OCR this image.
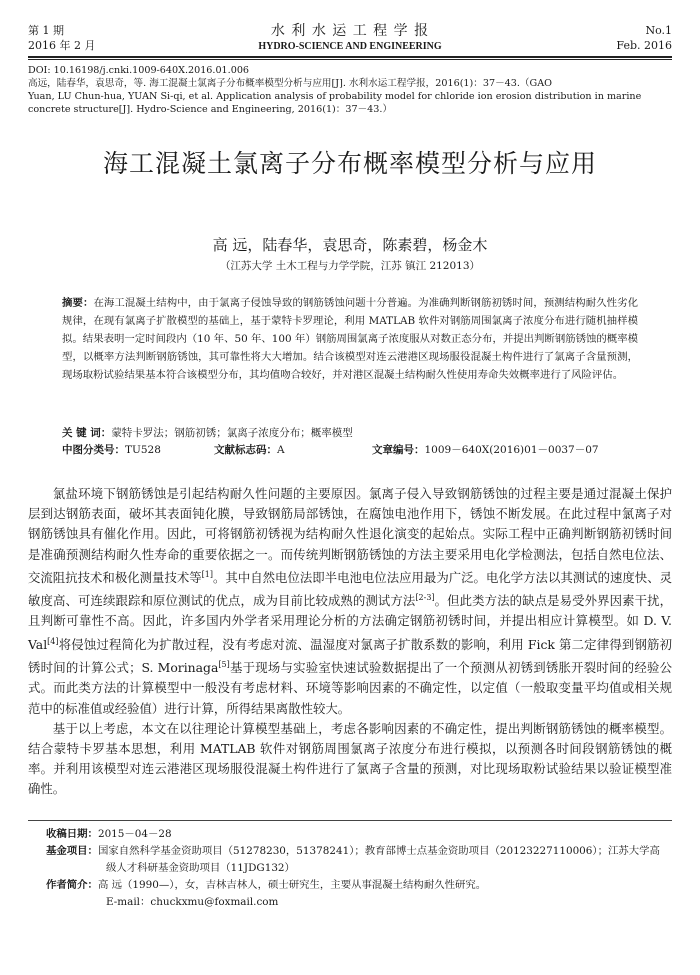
第 1 期
2016 年 2 月
水 利 水 运 工 程 学 报
HYDRO-SCIENCE AND ENGINEERING
No.1
Feb. 2016
DOI: 10.16198/j.cnki.1009-640X.2016.01.006
高远，陆春华，袁思奇，等. 海工混凝土氯离子分布概率模型分析与应用[J]. 水利水运工程学报，2016(1)：37－43.（GAO
Yuan, LU Chun-hua, YUAN Si-qi, et al. Application analysis of probability model for chloride ion erosion distribution in marine
concrete structure[J]. Hydro-Science and Engineering, 2016(1)：37－43.）
海工混凝土氯离子分布概率模型分析与应用
高 远，陆春华，袁思奇，陈素碧，杨金木
（江苏大学 土木工程与力学学院，江苏 镇江 212013）
摘要：在海工混凝土结构中，由于氯离子侵蚀导致的钢筋锈蚀问题十分普遍。为准确判断钢筋初锈时间，预测结构耐久性劣化规律，在现有氯离子扩散模型的基础上，基于蒙特卡罗理论，利用 MATLAB 软件对钢筋周围氯离子浓度分布进行随机抽样模拟。结果表明一定时间段内（10 年、50 年、100 年）钢筋周围氯离子浓度服从对数正态分布，并提出判断钢筋锈蚀的概率模型，以概率方法判断钢筋锈蚀，其可靠性将大大增加。结合该模型对连云港港区现场服役混凝土构件进行了氯离子含量预测，现场取粉试验结果基本符合该模型分布，其均值吻合较好，并对港区混凝土结构耐久性使用寿命失效概率进行了风险评估。
关 键 词：蒙特卡罗法；钢筋初锈；氯离子浓度分布；概率模型
中图分类号：TU528	文献标志码：A	文章编号：1009－640X(2016)01－0037－07

氯盐环境下钢筋锈蚀是引起结构耐久性问题的主要原因。氯离子侵入导致钢筋锈蚀的过程主要是通过混凝土保护层到达钢筋表面，破坏其表面钝化膜，导致钢筋局部锈蚀，在腐蚀电池作用下，锈蚀不断发展。在此过程中氯离子对钢筋锈蚀具有催化作用。因此，可将钢筋初锈视为结构耐久性退化演变的起始点。实际工程中正确判断钢筋初锈时间是准确预测结构耐久性寿命的重要依据之一。而传统判断钢筋锈蚀的方法主要采用电化学检测法，包括自然电位法、交流阻抗技术和极化测量技术等[1]。其中自然电位法即半电池电位法应用最为广泛。电化学方法以其测试的速度快、灵敏度高、可连续跟踪和原位测试的优点，成为目前比较成熟的测试方法[2-3]。但此类方法的缺点是易受外界因素干扰，且判断可靠性不高。因此，许多国内外学者采用理论分析的方法确定钢筋初锈时间，并提出相应计算模型。如 D. V. Val[4]将侵蚀过程简化为扩散过程，没有考虑对流、温湿度对氯离子扩散系数的影响，利用 Fick 第二定律得到钢筋初锈时间的计算公式；S. Morinaga[5]基于现场与实验室快速试验数据提出了一个预测从初锈到锈胀开裂时间的经验公式。而此类方法的计算模型中一般没有考虑材料、环境等影响因素的不确定性，以定值（一般取变量平均值或相关规范中的标准值或经验值）进行计算，所得结果离散性较大。

基于以上考虑，本文在以往理论计算模型基础上，考虑各影响因素的不确定性，提出判断钢筋锈蚀的概率模型。结合蒙特卡罗基本思想，利用 MATLAB 软件对钢筋周围氯离子浓度分布进行模拟，以预测各时间段钢筋锈蚀的概率。并利用该模型对连云港港区现场服役混凝土构件进行了氯离子含量的预测，对比现场取粉试验结果以验证模型准确性。

收稿日期：2015－04－28
基金项目：国家自然科学基金资助项目（51278230，51378241）；教育部博士点基金资助项目（20123227110006）；江苏大学高级人才科研基金资助项目（11JDG132）
作者简介：高 远（1990—），女，吉林吉林人，硕士研究生，主要从事混凝土结构耐久性研究。
E-mail：chuckxmu@foxmail.com
